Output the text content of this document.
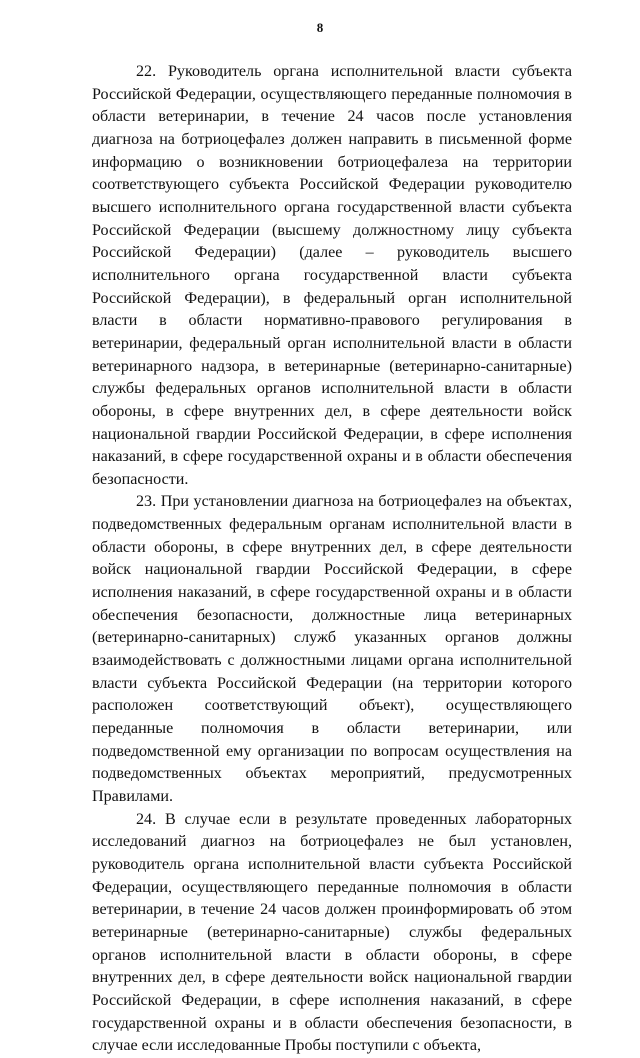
8

22. Руководитель органа исполнительной власти субъекта Российской Федерации, осуществляющего переданные полномочия в области ветеринарии, в течение 24 часов после установления диагноза на ботриоцефалез должен направить в письменной форме информацию о возникновении ботриоцефалеза на территории соответствующего субъекта Российской Федерации руководителю высшего исполнительного органа государственной власти субъекта Российской Федерации (высшему должностному лицу субъекта Российской Федерации) (далее – руководитель высшего исполнительного органа государственной власти субъекта Российской Федерации), в федеральный орган исполнительной власти в области нормативно-правового регулирования в ветеринарии, федеральный орган исполнительной власти в области ветеринарного надзора, в ветеринарные (ветеринарно-санитарные) службы федеральных органов исполнительной власти в области обороны, в сфере внутренних дел, в сфере деятельности войск национальной гвардии Российской Федерации, в сфере исполнения наказаний, в сфере государственной охраны и в области обеспечения безопасности.

23. При установлении диагноза на ботриоцефалез на объектах, подведомственных федеральным органам исполнительной власти в области обороны, в сфере внутренних дел, в сфере деятельности войск национальной гвардии Российской Федерации, в сфере исполнения наказаний, в сфере государственной охраны и в области обеспечения безопасности, должностные лица ветеринарных (ветеринарно-санитарных) служб указанных органов должны взаимодействовать с должностными лицами органа исполнительной власти субъекта Российской Федерации (на территории которого расположен соответствующий объект), осуществляющего переданные полномочия в области ветеринарии, или подведомственной ему организации по вопросам осуществления на подведомственных объектах мероприятий, предусмотренных Правилами.

24. В случае если в результате проведенных лабораторных исследований диагноз на ботриоцефалез не был установлен, руководитель органа исполнительной власти субъекта Российской Федерации, осуществляющего переданные полномочия в области ветеринарии, в течение 24 часов должен проинформировать об этом ветеринарные (ветеринарно-санитарные) службы федеральных органов исполнительной власти в области обороны, в сфере внутренних дел, в сфере деятельности войск национальной гвардии Российской Федерации, в сфере исполнения наказаний, в сфере государственной охраны и в области обеспечения безопасности, в случае если исследованные Пробы поступили с объекта,
